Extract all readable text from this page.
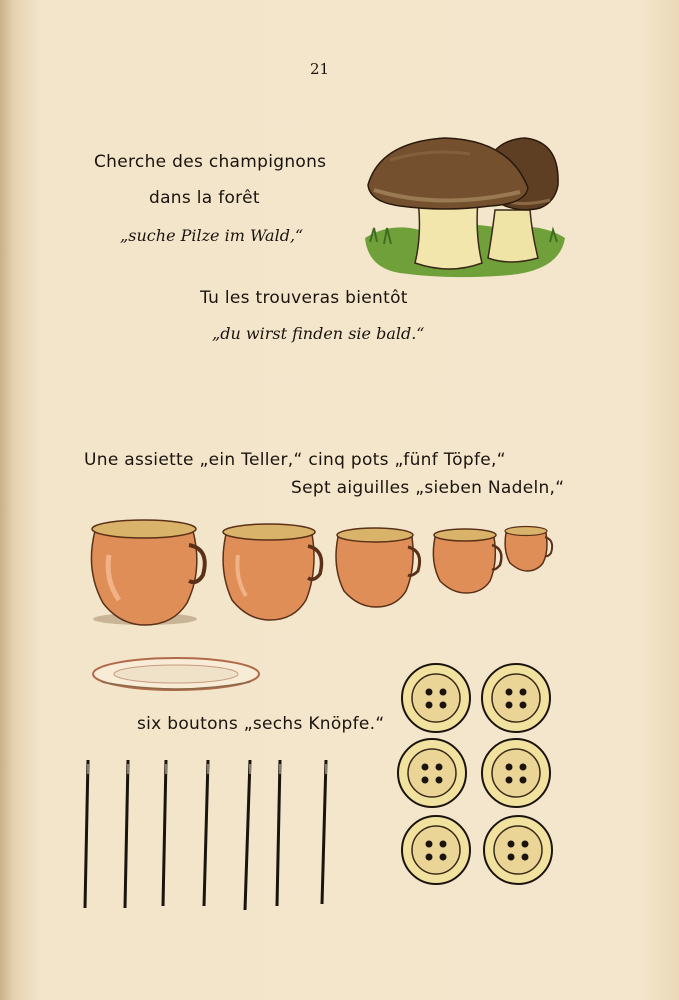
21
Cherche des champignons
dans la forêt
„suche Pilze im Wald,“
Tu les trouveras bientôt
„du wirst finden sie bald.“
Une assiette „ein Teller,“ cinq pots „fünf Töpfe,“
Sept aiguilles „sieben Nadeln,“
six boutons „sechs Knöpfe.“
